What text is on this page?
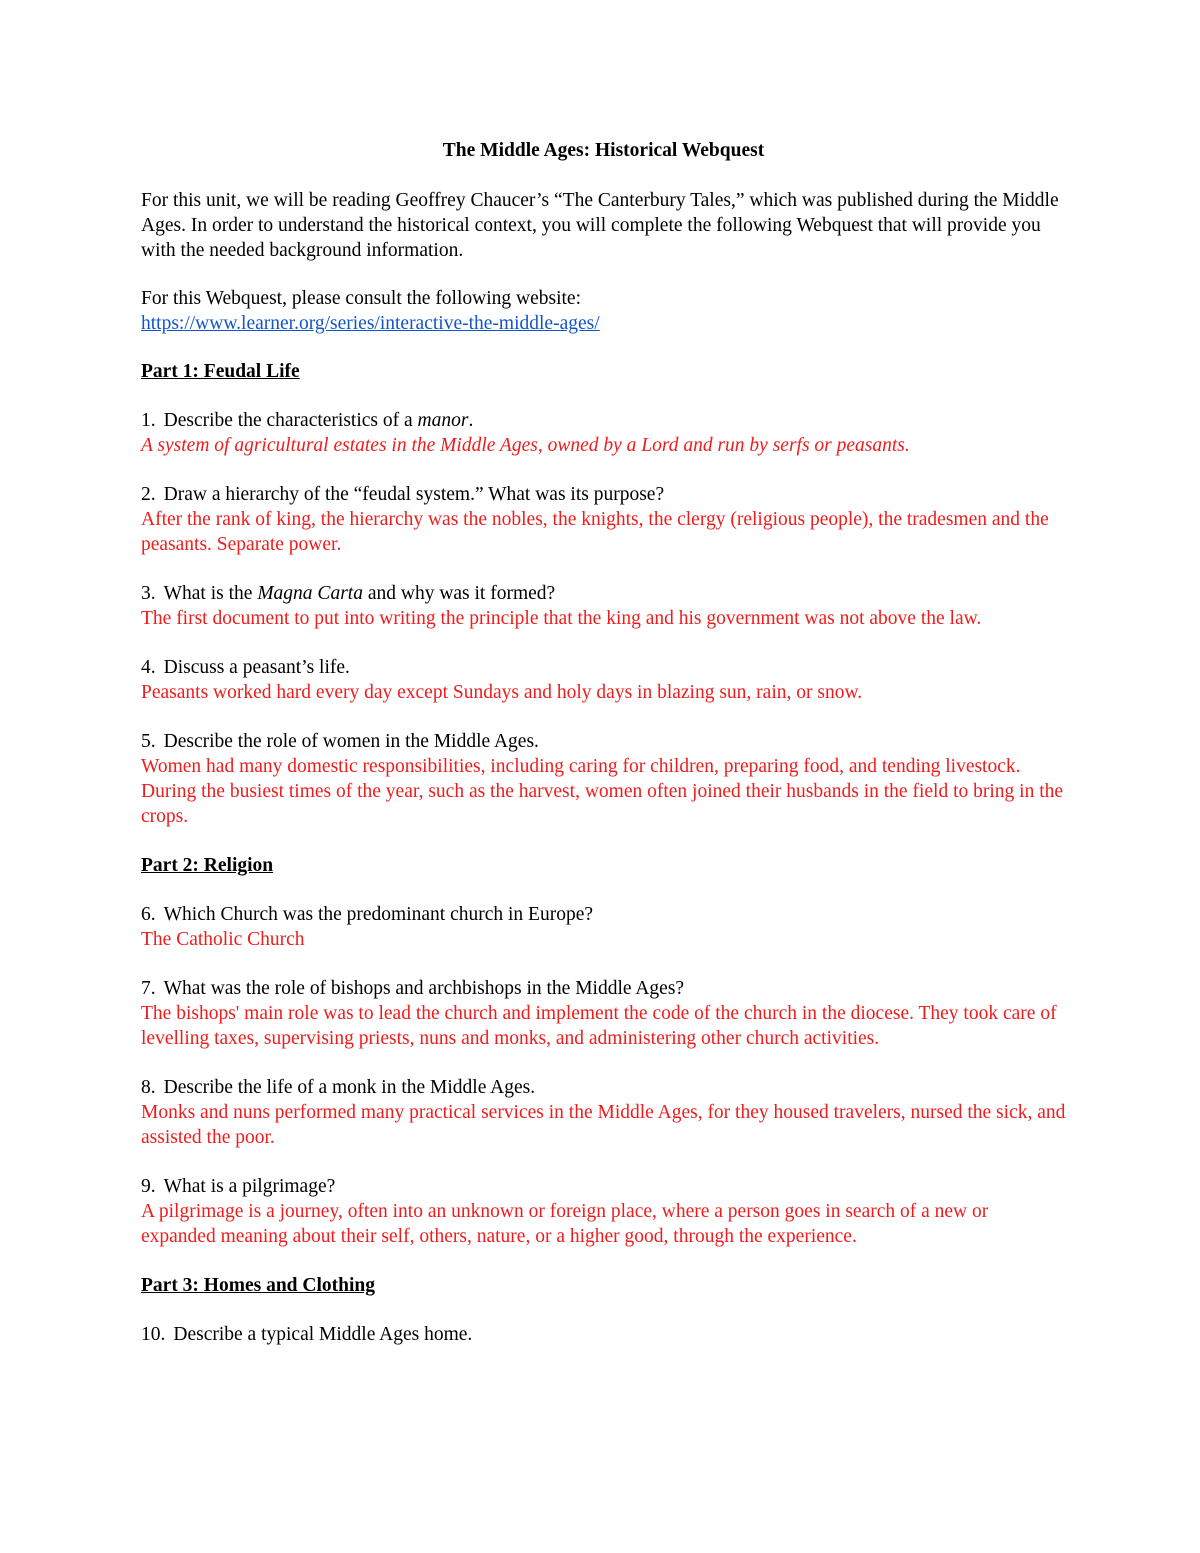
The Middle Ages: Historical Webquest
For this unit, we will be reading Geoffrey Chaucer’s “The Canterbury Tales,” which was published during the Middle Ages. In order to understand the historical context, you will complete the following Webquest that will provide you with the needed background information.
For this Webquest, please consult the following website:
https://www.learner.org/series/interactive-the-middle-ages/
Part 1: Feudal Life
1. Describe the characteristics of a manor.
A system of agricultural estates in the Middle Ages, owned by a Lord and run by serfs or peasants.
2. Draw a hierarchy of the “feudal system.” What was its purpose?
After the rank of king, the hierarchy was the nobles, the knights, the clergy (religious people), the tradesmen and the peasants. Separate power.
3. What is the Magna Carta and why was it formed?
The first document to put into writing the principle that the king and his government was not above the law.
4. Discuss a peasant’s life.
Peasants worked hard every day except Sundays and holy days in blazing sun, rain, or snow.
5. Describe the role of women in the Middle Ages.
Women had many domestic responsibilities, including caring for children, preparing food, and tending livestock. During the busiest times of the year, such as the harvest, women often joined their husbands in the field to bring in the crops.
Part 2: Religion
6. Which Church was the predominant church in Europe?
The Catholic Church
7. What was the role of bishops and archbishops in the Middle Ages?
The bishops' main role was to lead the church and implement the code of the church in the diocese. They took care of levelling taxes, supervising priests, nuns and monks, and administering other church activities.
8. Describe the life of a monk in the Middle Ages.
Monks and nuns performed many practical services in the Middle Ages, for they housed travelers, nursed the sick, and assisted the poor.
9. What is a pilgrimage?
A pilgrimage is a journey, often into an unknown or foreign place, where a person goes in search of a new or expanded meaning about their self, others, nature, or a higher good, through the experience.
Part 3: Homes and Clothing
10. Describe a typical Middle Ages home.
